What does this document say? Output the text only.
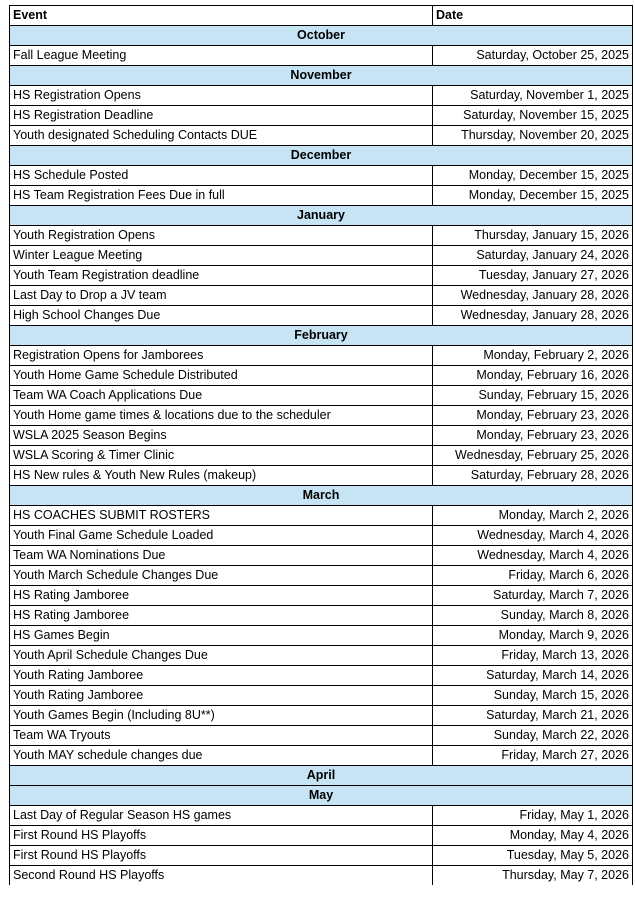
Event	Date
October	
Fall League Meeting	Saturday, October 25, 2025
November	
HS Registration Opens	Saturday, November 1, 2025
HS Registration Deadline	Saturday, November 15, 2025
Youth designated Scheduling Contacts DUE	Thursday, November 20, 2025
December	
HS Schedule Posted	Monday, December 15, 2025
HS Team Registration Fees Due in full	Monday, December 15, 2025
January	
Youth Registration Opens	Thursday, January 15, 2026
Winter League Meeting	Saturday, January 24, 2026
Youth Team Registration deadline	Tuesday, January 27, 2026
Last Day to Drop a JV team	Wednesday, January 28, 2026
High School Changes Due	Wednesday, January 28, 2026
February	
Registration Opens for Jamborees	Monday, February 2, 2026
Youth Home Game Schedule Distributed	Monday, February 16, 2026
Team WA Coach Applications Due	Sunday, February 15, 2026
Youth Home game times & locations due to the scheduler	Monday, February 23, 2026
WSLA 2025 Season Begins	Monday, February 23, 2026
WSLA Scoring & Timer Clinic	Wednesday, February 25, 2026
HS New rules & Youth New Rules (makeup)	Saturday, February 28, 2026
March	
HS COACHES SUBMIT ROSTERS	Monday, March 2, 2026
Youth Final Game Schedule Loaded	Wednesday, March 4, 2026
Team WA Nominations Due	Wednesday, March 4, 2026
Youth March Schedule Changes Due	Friday, March 6, 2026
HS Rating Jamboree	Saturday, March 7, 2026
HS Rating Jamboree	Sunday, March 8, 2026
HS Games Begin	Monday, March 9, 2026
Youth April Schedule Changes Due	Friday, March 13, 2026
Youth Rating Jamboree	Saturday, March 14, 2026
Youth Rating Jamboree	Sunday, March 15, 2026
Youth Games Begin (Including 8U**)	Saturday, March 21, 2026
Team WA Tryouts	Sunday, March 22, 2026
Youth MAY schedule changes due	Friday, March 27, 2026
April	
May	
Last Day of Regular Season HS games	Friday, May 1, 2026
First Round HS Playoffs	Monday, May 4, 2026
First Round HS Playoffs	Tuesday, May 5, 2026
Second Round HS Playoffs	Thursday, May 7, 2026
